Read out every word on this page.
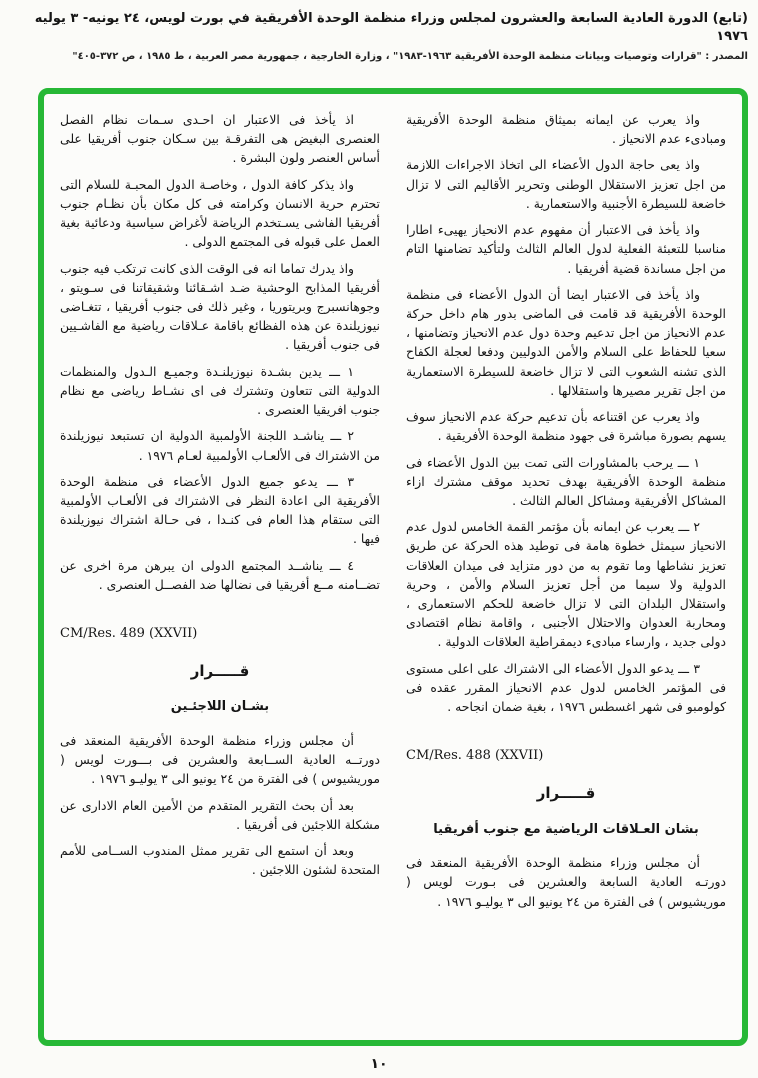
(تابع) الدورة العادية السابعة والعشرون لمجلس وزراء منظمة الوحدة الأفريقية في بورت لويس، ٢٤ يونيه- ٣ يوليه ١٩٧٦
المصدر : "قرارات وتوصيات وبيانات منظمة الوحدة الأفريقية ١٩٦٣-١٩٨٣" ، وزارة الخارجية ، جمهورية مصر العربية ، ط ١٩٨٥ ، ص ٣٧٢-٤٠٥"

واذ يعرب عن ايمانه بميثاق منظمة الوحدة الأفريقية ومبادىء عدم الانحياز .

واذ يعى حاجة الدول الأعضاء الى اتخاذ الاجراءات اللازمة من اجل تعزيز الاستقلال الوطنى وتحرير الأقاليم التى لا تزال خاضعة للسيطرة الأجنبية والاستعمارية .

واذ يأخذ فى الاعتبار أن مفهوم عدم الانحياز يهيىء اطارا مناسبا للتعبئة الفعلية لدول العالم الثالث ولتأكيد تضامنها التام من اجل مساندة قضية أفريقيا .

واذ يأخذ فى الاعتبار ايضا أن الدول الأعضاء فى منظمة الوحدة الأفريقية قد قامت فى الماضى بدور هام داخل حركة عدم الانحياز من اجل تدعيم وحدة دول عدم الانحياز وتضامنها ، سعيا للحفاظ على السلام والأمن الدوليين ودفعا لعجلة الكفاح الذى تشنه الشعوب التى لا تزال خاضعة للسيطرة الاستعمارية من اجل تقرير مصيرها واستقلالها .

واذ يعرب عن اقتناعه بأن تدعيم حركة عدم الانحياز سوف يسهم بصورة مباشرة فى جهود منظمة الوحدة الأفريقية .

١ ـــ يرحب بالمشاورات التى تمت بين الدول الأعضاء فى منظمة الوحدة الأفريقية بهدف تحديد موقف مشترك ازاء المشاكل الأفريقية ومشاكل العالم الثالث .

٢ ـــ يعرب عن ايمانه بأن مؤتمر القمة الخامس لدول عدم الانحياز سيمثل خطوة هامة فى توطيد هذه الحركة عن طريق تعزيز نشاطها وما تقوم به من دور متزايد فى ميدان العلاقات الدولية ولا سيما من أجل تعزيز السلام والأمن ، وحرية واستقلال البلدان التى لا تزال خاضعة للحكم الاستعمارى ، ومحاربة العدوان والاحتلال الأجنبى ، واقامة نظام اقتصادى دولى جديد ، وارساء مبادىء ديمقراطية العلاقات الدولية .

٣ ـــ يدعو الدول الأعضاء الى الاشتراك على اعلى مستوى فى المؤتمر الخامس لدول عدم الانحياز المقرر عقده فى كولومبو فى شهر اغسطس ١٩٧٦ ، بغية ضمان انجاحه .

CM/Res. 488 (XXVII)
قـــــرار
بشان العـلاقات الرياضية مع جنوب أفريقيا

أن مجلس وزراء منظمة الوحدة الأفريقية المنعقد فى دورتـه العادية السابعة والعشرين فى بـورت لويس ( موريشيوس ) فى الفترة من ٢٤ يونيو الى ٣ يوليـو ١٩٧٦ .

اذ يأخذ فى الاعتبار ان احـدى سـمات نظام الفصل العنصرى البغيض هى التفرقـة بين سـكان جنوب أفريقيا على أساس العنصر ولون البشرة .

واذ يذكر كافة الدول ، وخاصـة الدول المحبـة للسلام التى تحترم حرية الانسان وكرامته فى كل مكان بأن نظـام جنوب أفريقيا الفاشى يسـتخدم الرياضة لأغراض سياسية ودعائية بغية العمل على قبوله فى المجتمع الدولى .

واذ يدرك تماما انه فى الوقت الذى كانت ترتكب فيه جنوب أفريقيا المذابح الوحشية ضـد اشـقائنا وشقيقاتنا فى سـويتو ، وجوهانسبرج وبريتوريا ، وغير ذلك فى جنوب أفريقيا ، تتغـاضى نيوزيلندة عن هذه الفظائع باقامة عـلاقات رياضية مع الفاشـيين فى جنوب أفريقيا .

١ ـــ يدين بشـدة نيوزيلنـدة وجميـع الـدول والمنظمات الدولية التى تتعاون وتشترك فى اى نشـاط رياضى مع نظام جنوب افريقيا العنصرى .

٢ ـــ يناشـد اللجنة الأولمبية الدولية ان تستبعد نيوزيلندة من الاشتراك فى الألعـاب الأولمبية لعـام ١٩٧٦ .

٣ ـــ يدعو جميع الدول الأعضاء فى منظمة الوحدة الأفريقية الى اعادة النظر فى الاشتراك فى الألعـاب الأولمبية التى ستقام هذا العام فى كنـدا ، فى حـالة اشتراك نيوزيلندة فيها .

٤ ـــ يناشــد المجتمع الدولى ان يبرهن مرة اخرى عن تضــامنه مــع أفريقيا فى نضالها ضد الفصــل العنصرى .

CM/Res. 489 (XXVII)
قـــــرار
بشـان اللاجئـين

أن مجلس وزراء منظمة الوحدة الأفريقية المنعقد فى دورتــه العادية الســابعة والعشرين فى بـــورت لويس ( موريشيوس ) فى الفترة من ٢٤ يونيو الى ٣ يوليـو ١٩٧٦ .

بعد أن بحث التقرير المتقدم من الأمين العام الادارى عن مشكلة اللاجئين فى أفريقيا .

وبعد أن استمع الى تقرير ممثل المندوب الســامى للأمم المتحدة لشئون اللاجئين .

١٠
